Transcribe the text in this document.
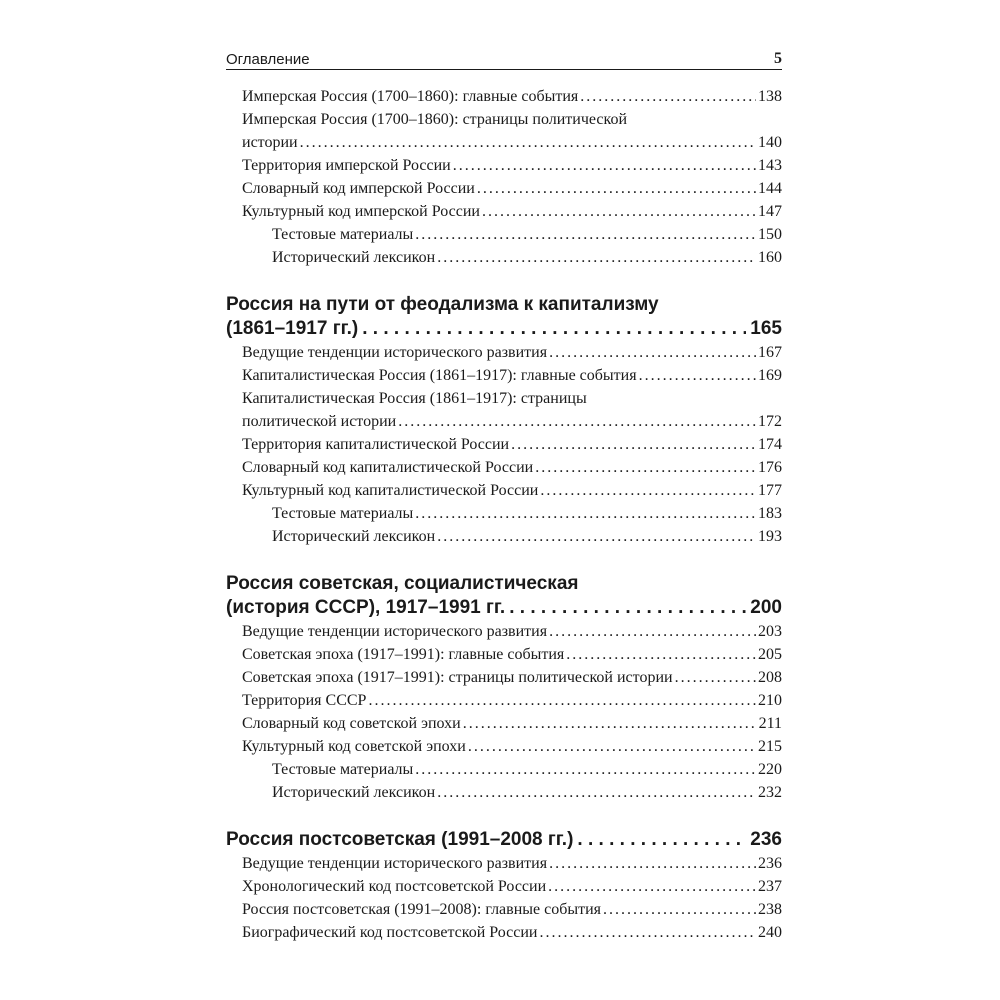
Оглавление	5
Имперская Россия (1700–1860): главные события .....	138
Имперская Россия (1700–1860): страницы политической
истории .....	140
Территория имперской России .....	143
Словарный код имперской России .....	144
Культурный код имперской России .....	147
Тестовые материалы .....	150
Исторический лексикон .....	160
Россия на пути от феодализма к капитализму
(1861–1917 гг.) . . .	165
Ведущие тенденции исторического развития .....	167
Капиталистическая Россия (1861–1917): главные события .....	169
Капиталистическая Россия (1861–1917): страницы
политической истории .....	172
Территория капиталистической России .....	174
Словарный код капиталистической России .....	176
Культурный код капиталистической России .....	177
Тестовые материалы .....	183
Исторический лексикон .....	193
Россия советская, социалистическая
(история СССР), 1917–1991 гг. . . .	200
Ведущие тенденции исторического развития .....	203
Советская эпоха (1917–1991): главные события .....	205
Советская эпоха (1917–1991): страницы политической истории .....	208
Территория СССР .....	210
Словарный код советской эпохи .....	211
Культурный код советской эпохи .....	215
Тестовые материалы .....	220
Исторический лексикон .....	232
Россия постсоветская (1991–2008 гг.) . . .	236
Ведущие тенденции исторического развития .....	236
Хронологический код постсоветской России .....	237
Россия постсоветская (1991–2008): главные события .....	238
Биографический код постсоветской России .....	240
